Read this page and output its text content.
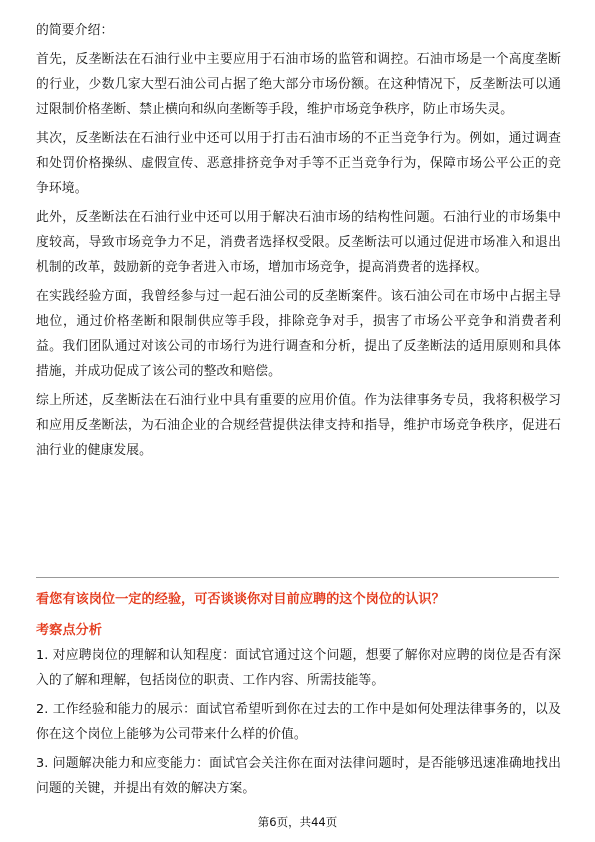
的简要介绍：

首先，反垄断法在石油行业中主要应用于石油市场的监管和调控。石油市场是一个高度垄断的行业，少数几家大型石油公司占据了绝大部分市场份额。在这种情况下，反垄断法可以通过限制价格垄断、禁止横向和纵向垄断等手段，维护市场竞争秩序，防止市场失灵。

其次，反垄断法在石油行业中还可以用于打击石油市场的不正当竞争行为。例如，通过调查和处罚价格操纵、虚假宣传、恶意排挤竞争对手等不正当竞争行为，保障市场公平公正的竞争环境。

此外，反垄断法在石油行业中还可以用于解决石油市场的结构性问题。石油行业的市场集中度较高，导致市场竞争力不足，消费者选择权受限。反垄断法可以通过促进市场准入和退出机制的改革，鼓励新的竞争者进入市场，增加市场竞争，提高消费者的选择权。

在实践经验方面，我曾经参与过一起石油公司的反垄断案件。该石油公司在市场中占据主导地位，通过价格垄断和限制供应等手段，排除竞争对手，损害了市场公平竞争和消费者利益。我们团队通过对该公司的市场行为进行调查和分析，提出了反垄断法的适用原则和具体措施，并成功促成了该公司的整改和赔偿。

综上所述，反垄断法在石油行业中具有重要的应用价值。作为法律事务专员，我将积极学习和应用反垄断法，为石油企业的合规经营提供法律支持和指导，维护市场竞争秩序，促进石油行业的健康发展。

看您有该岗位一定的经验，可否谈谈你对目前应聘的这个岗位的认识？
考察点分析

1. 对应聘岗位的理解和认知程度：面试官通过这个问题，想要了解你对应聘的岗位是否有深入的了解和理解，包括岗位的职责、工作内容、所需技能等。

2. 工作经验和能力的展示：面试官希望听到你在过去的工作中是如何处理法律事务的，以及你在这个岗位上能够为公司带来什么样的价值。

3. 问题解决能力和应变能力：面试官会关注你在面对法律问题时，是否能够迅速准确地找出问题的关键，并提出有效的解决方案。

第6页，共44页
